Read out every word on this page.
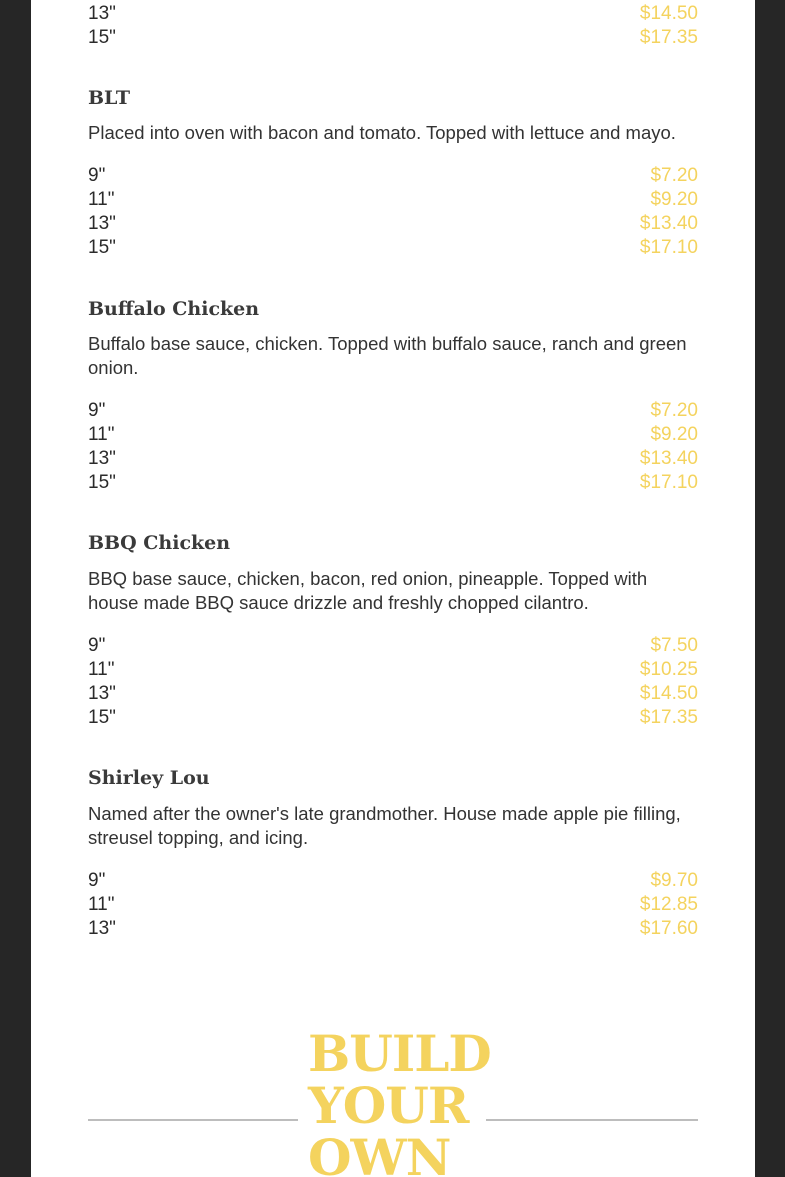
13"	$14.50
15"	$17.35
BLT

Placed into oven with bacon and tomato. Topped with lettuce and mayo.

9"	$7.20
11"	$9.20
13"	$13.40
15"	$17.10
Buffalo Chicken

Buffalo base sauce, chicken. Topped with buffalo sauce, ranch and green onion.

9"	$7.20
11"	$9.20
13"	$13.40
15"	$17.10
BBQ Chicken

BBQ base sauce, chicken, bacon, red onion, pineapple. Topped with house made BBQ sauce drizzle and freshly chopped cilantro.

9"	$7.50
11"	$10.25
13"	$14.50
15"	$17.35
Shirley Lou

Named after the owner's late grandmother. House made apple pie filling, streusel topping, and icing.

9"	$9.70
11"	$12.85
13"	$17.60
BUILD
YOUR
OWN
